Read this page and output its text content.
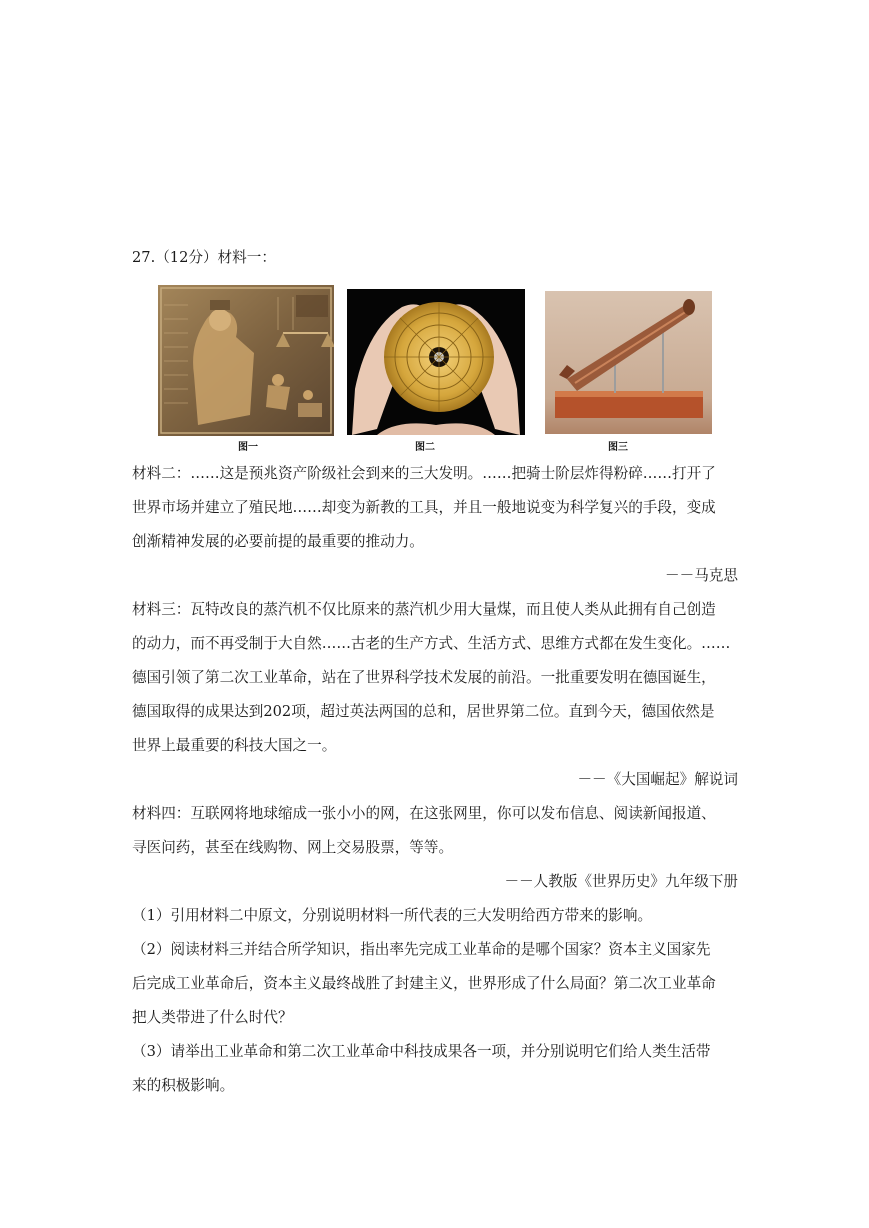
27.（12分）材料一：
图一	图二	图三
材料二：……这是预兆资产阶级社会到来的三大发明。……把骑士阶层炸得粉碎……打开了
世界市场并建立了殖民地……却变为新教的工具，并且一般地说变为科学复兴的手段，变成
创渐精神发展的必要前提的最重要的推动力。
－－马克思
材料三：瓦特改良的蒸汽机不仅比原来的蒸汽机少用大量煤，而且使人类从此拥有自己创造
的动力，而不再受制于大自然……古老的生产方式、生活方式、思维方式都在发生变化。……
德国引领了第二次工业革命，站在了世界科学技术发展的前沿。一批重要发明在德国诞生，
德国取得的成果达到202项，超过英法两国的总和，居世界第二位。直到今天，德国依然是
世界上最重要的科技大国之一。
－－《大国崛起》解说词
材料四：互联网将地球缩成一张小小的网，在这张网里，你可以发布信息、阅读新闻报道、
寻医问药，甚至在线购物、网上交易股票，等等。
－－人教版《世界历史》九年级下册
（1）引用材料二中原文，分别说明材料一所代表的三大发明给西方带来的影响。
（2）阅读材料三并结合所学知识，指出率先完成工业革命的是哪个国家？资本主义国家先
后完成工业革命后，资本主义最终战胜了封建主义，世界形成了什么局面？第二次工业革命
把人类带进了什么时代？
（3）请举出工业革命和第二次工业革命中科技成果各一项，并分别说明它们给人类生活带
来的积极影响。
